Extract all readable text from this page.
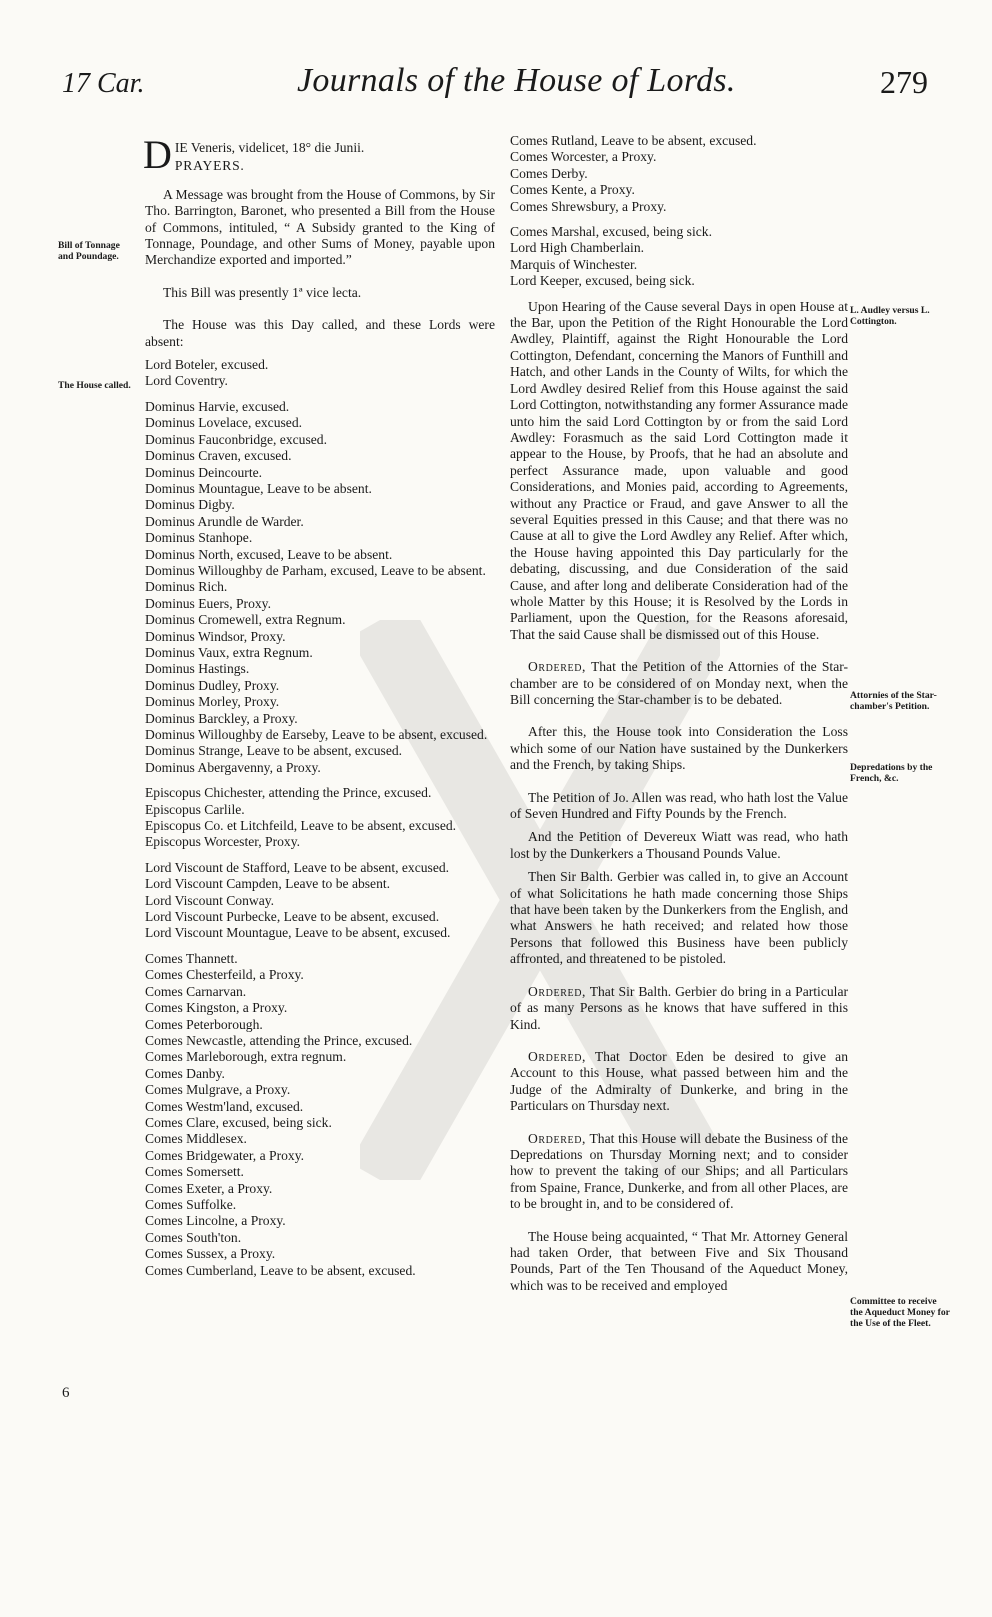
17 Car.	Journals of the House of Lords.	279
Bill of Tonnage and Poundage.
The House called.
L. Audley versus L. Cottington.
Attornies of the Star-chamber's Petition.
Depredations by the French, &c.
Committee to receive the Aqueduct Money for the Use of the Fleet.
D IE Veneris, videlicet, 18° die Junii.
PRAYERS.

A Message was brought from the House of Commons, by Sir Tho. Barrington, Baronet, who presented a Bill from the House of Commons, intituled, “ A Subsidy granted to the King of Tonnage, Poundage, and other Sums of Money, payable upon Merchandize exported and imported.”

This Bill was presently 1ª vice lecta.

The House was this Day called, and these Lords were absent:

Lord Boteler, excused.
Lord Coventry.
Dominus Harvie, excused.
Dominus Lovelace, excused.
Dominus Fauconbridge, excused.
Dominus Craven, excused.
Dominus Deincourte.
Dominus Mountague, Leave to be absent.
Dominus Digby.
Dominus Arundle de Warder.
Dominus Stanhope.
Dominus North, excused, Leave to be absent.
Dominus Willoughby de Parham, excused, Leave to be absent.
Dominus Rich.
Dominus Euers, Proxy.
Dominus Cromewell, extra Regnum.
Dominus Windsor, Proxy.
Dominus Vaux, extra Regnum.
Dominus Hastings.
Dominus Dudley, Proxy.
Dominus Morley, Proxy.
Dominus Barckley, a Proxy.
Dominus Willoughby de Earseby, Leave to be absent, excused.
Dominus Strange, Leave to be absent, excused.
Dominus Abergavenny, a Proxy.
Episcopus Chichester, attending the Prince, excused.
Episcopus Carlile.
Episcopus Co. et Litchfeild, Leave to be absent, excused.
Episcopus Worcester, Proxy.
Lord Viscount de Stafford, Leave to be absent, excused.
Lord Viscount Campden, Leave to be absent.
Lord Viscount Conway.
Lord Viscount Purbecke, Leave to be absent, excused.
Lord Viscount Mountague, Leave to be absent, excused.
Comes Thannett.
Comes Chesterfeild, a Proxy.
Comes Carnarvan.
Comes Kingston, a Proxy.
Comes Peterborough.
Comes Newcastle, attending the Prince, excused.
Comes Marleborough, extra regnum.
Comes Danby.
Comes Mulgrave, a Proxy.
Comes Westm'land, excused.
Comes Clare, excused, being sick.
Comes Middlesex.
Comes Bridgewater, a Proxy.
Comes Somersett.
Comes Exeter, a Proxy.
Comes Suffolke.
Comes Lincolne, a Proxy.
Comes South'ton.
Comes Sussex, a Proxy.
Comes Cumberland, Leave to be absent, excused.
Comes Rutland, Leave to be absent, excused.
Comes Worcester, a Proxy.
Comes Derby.
Comes Kente, a Proxy.
Comes Shrewsbury, a Proxy.
Comes Marshal, excused, being sick.
Lord High Chamberlain.
Marquis of Winchester.
Lord Keeper, excused, being sick.

Upon Hearing of the Cause several Days in open House at the Bar, upon the Petition of the Right Honourable the Lord Awdley, Plaintiff, against the Right Honourable the Lord Cottington, Defendant, concerning the Manors of Funthill and Hatch, and other Lands in the County of Wilts, for which the Lord Awdley desired Relief from this House against the said Lord Cottington, notwithstanding any former Assurance made unto him the said Lord Cottington by or from the said Lord Awdley: Forasmuch as the said Lord Cottington made it appear to the House, by Proofs, that he had an absolute and perfect Assurance made, upon valuable and good Considerations, and Monies paid, according to Agreements, without any Practice or Fraud, and gave Answer to all the several Equities pressed in this Cause; and that there was no Cause at all to give the Lord Awdley any Relief. After which, the House having appointed this Day particularly for the debating, discussing, and due Consideration of the said Cause, and after long and deliberate Consideration had of the whole Matter by this House; it is Resolved by the Lords in Parliament, upon the Question, for the Reasons aforesaid, That the said Cause shall be dismissed out of this House.

Ordered, That the Petition of the Attornies of the Star-chamber are to be considered of on Monday next, when the Bill concerning the Star-chamber is to be debated.

After this, the House took into Consideration the Loss which some of our Nation have sustained by the Dunkerkers and the French, by taking Ships.

The Petition of Jo. Allen was read, who hath lost the Value of Seven Hundred and Fifty Pounds by the French.

And the Petition of Devereux Wiatt was read, who hath lost by the Dunkerkers a Thousand Pounds Value.

Then Sir Balth. Gerbier was called in, to give an Account of what Solicitations he hath made concerning those Ships that have been taken by the Dunkerkers from the English, and what Answers he hath received; and related how those Persons that followed this Business have been publicly affronted, and threatened to be pistoled.

Ordered, That Sir Balth. Gerbier do bring in a Particular of as many Persons as he knows that have suffered in this Kind.

Ordered, That Doctor Eden be desired to give an Account to this House, what passed between him and the Judge of the Admiralty of Dunkerke, and bring in the Particulars on Thursday next.

Ordered, That this House will debate the Business of the Depredations on Thursday Morning next; and to consider how to prevent the taking of our Ships; and all Particulars from Spaine, France, Dunkerke, and from all other Places, are to be brought in, and to be considered of.

The House being acquainted, “ That Mr. Attorney General had taken Order, that between Five and Six Thousand Pounds, Part of the Ten Thousand of the Aqueduct Money, which was to be received and employed

6
